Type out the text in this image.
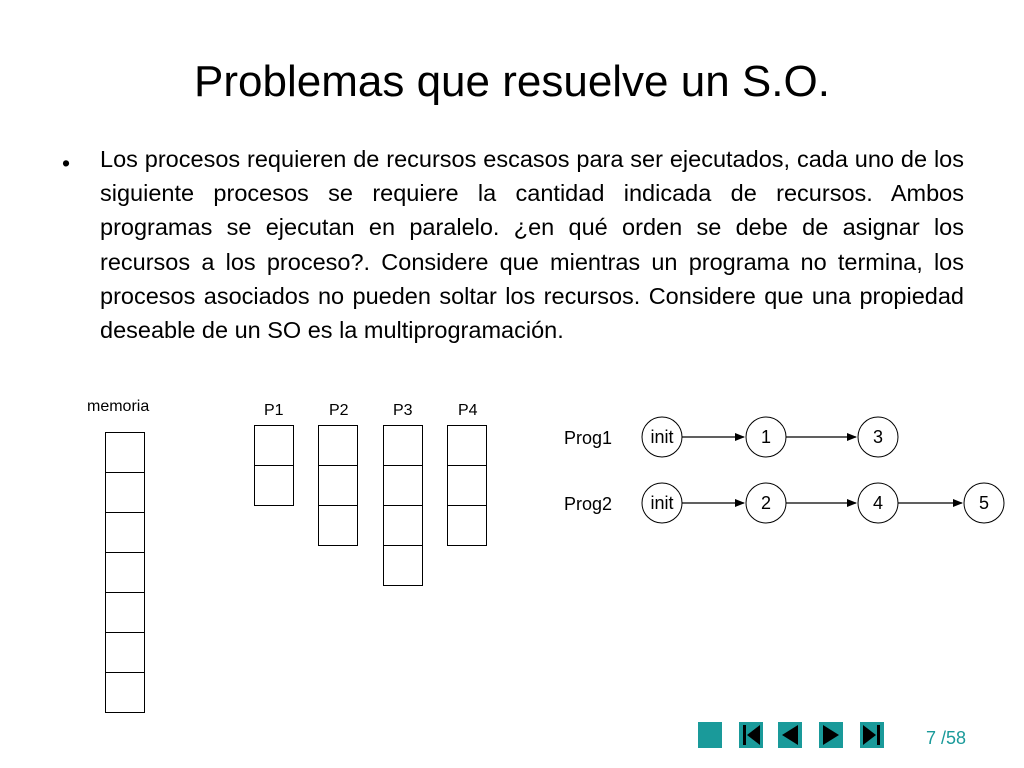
Problemas que resuelve un S.O.
• Los procesos requieren de recursos escasos para ser ejecutados, cada uno de los siguiente procesos se requiere la cantidad indicada de recursos. Ambos programas se ejecutan en paralelo. ¿en qué orden se debe de asignar los recursos a los proceso?. Considere que mientras un programa no termina, los procesos asociados no pueden soltar los recursos. Considere que una propiedad deseable de un SO es la multiprogramación.

memoria	P1	P2	P3	P4
Prog1
Prog2
init	1	3
init	2	4	5
7 /58
